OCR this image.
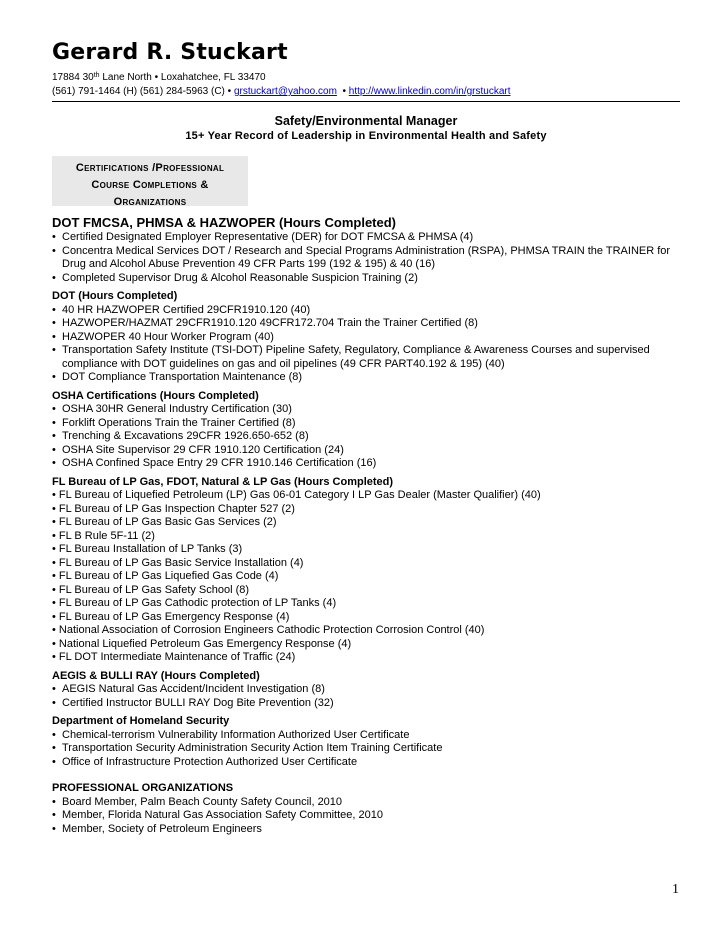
Gerard R. Stuckart
17884 30th Lane North • Loxahatchee, FL 33470
(561) 791-1464 (H) (561) 284-5963 (C) • grstuckart@yahoo.com • http://www.linkedin.com/in/grstuckart
Safety/Environmental Manager
15+ Year Record of Leadership in Environmental Health and Safety
CERTIFICATIONS /PROFESSIONAL
COURSE COMPLETIONS &
ORGANIZATIONS
DOT FMCSA, PHMSA & HAZWOPER (Hours Completed)
• Certified Designated Employer Representative (DER) for DOT FMCSA & PHMSA (4)
• Concentra Medical Services DOT / Research and Special Programs Administration (RSPA), PHMSA TRAIN the TRAINER for Drug and Alcohol Abuse Prevention 49 CFR Parts 199 (192 & 195) & 40 (16)
• Completed Supervisor Drug & Alcohol Reasonable Suspicion Training (2)
DOT (Hours Completed)
• 40 HR HAZWOPER Certified 29CFR1910.120 (40)
• HAZWOPER/HAZMAT 29CFR1910.120 49CFR172.704 Train the Trainer Certified (8)
• HAZWOPER 40 Hour Worker Program (40)
• Transportation Safety Institute (TSI-DOT) Pipeline Safety, Regulatory, Compliance & Awareness Courses and supervised compliance with DOT guidelines on gas and oil pipelines (49 CFR PART40.192 & 195) (40)
• DOT Compliance Transportation Maintenance (8)
OSHA Certifications (Hours Completed)
• OSHA 30HR General Industry Certification (30)
• Forklift Operations Train the Trainer Certified (8)
• Trenching & Excavations 29CFR 1926.650-652 (8)
• OSHA Site Supervisor 29 CFR 1910.120 Certification (24)
• OSHA Confined Space Entry 29 CFR 1910.146 Certification (16)
FL Bureau of LP Gas, FDOT, Natural & LP Gas (Hours Completed)
• FL Bureau of Liquefied Petroleum (LP) Gas 06-01 Category I LP Gas Dealer (Master Qualifier) (40)
• FL Bureau of LP Gas Inspection Chapter 527 (2)
• FL Bureau of LP Gas Basic Gas Services (2)
• FL B Rule 5F-11 (2)
• FL Bureau Installation of LP Tanks (3)
• FL Bureau of LP Gas Basic Service Installation (4)
• FL Bureau of LP Gas Liquefied Gas Code (4)
• FL Bureau of LP Gas Safety School (8)
• FL Bureau of LP Gas Cathodic protection of LP Tanks (4)
• FL Bureau of LP Gas Emergency Response (4)
• National Association of Corrosion Engineers Cathodic Protection Corrosion Control (40)
• National Liquefied Petroleum Gas Emergency Response (4)
• FL DOT Intermediate Maintenance of Traffic (24)
AEGIS & BULLI RAY (Hours Completed)
• AEGIS Natural Gas Accident/Incident Investigation (8)
• Certified Instructor BULLI RAY Dog Bite Prevention (32)
Department of Homeland Security
• Chemical-terrorism Vulnerability Information Authorized User Certificate
• Transportation Security Administration Security Action Item Training Certificate
• Office of Infrastructure Protection Authorized User Certificate
PROFESSIONAL ORGANIZATIONS
• Board Member, Palm Beach County Safety Council, 2010
• Member, Florida Natural Gas Association Safety Committee, 2010
• Member, Society of Petroleum Engineers
1
